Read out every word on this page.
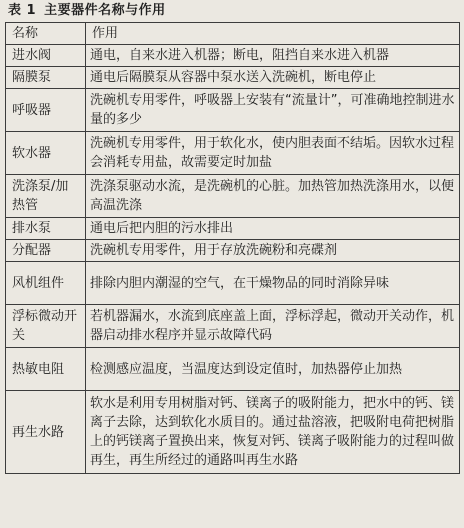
表 1 主要器件名称与作用
名称	作用
进水阀	通电，自来水进入机器；断电，阻挡自来水进入机器
隔膜泵	通电后隔膜泵从容器中泵水送入洗碗机，断电停止
呼吸器	洗碗机专用零件，呼吸器上安装有“流量计”，可准确地控制进水量的多少
软水器	洗碗机专用零件，用于软化水，使内胆表面不结垢。因软水过程会消耗专用盐，故需要定时加盐
洗涤泵/加热管	洗涤泵驱动水流，是洗碗机的心脏。加热管加热洗涤用水，以便高温洗涤
排水泵	通电后把内胆的污水排出
分配器	洗碗机专用零件，用于存放洗碗粉和亮碟剂
风机组件	排除内胆内潮湿的空气，在干燥物品的同时消除异味
浮标微动开关	若机器漏水，水流到底座盖上面，浮标浮起，微动开关动作，机器启动排水程序并显示故障代码
热敏电阻	检测感应温度，当温度达到设定值时，加热器停止加热
再生水路	软水是利用专用树脂对钙、镁离子的吸附能力，把水中的钙、镁离子去除，达到软化水质目的。通过盐溶液，把吸附电荷把树脂上的钙镁离子置换出来，恢复对钙、镁离子吸附能力的过程叫做再生，再生所经过的通路叫再生水路
